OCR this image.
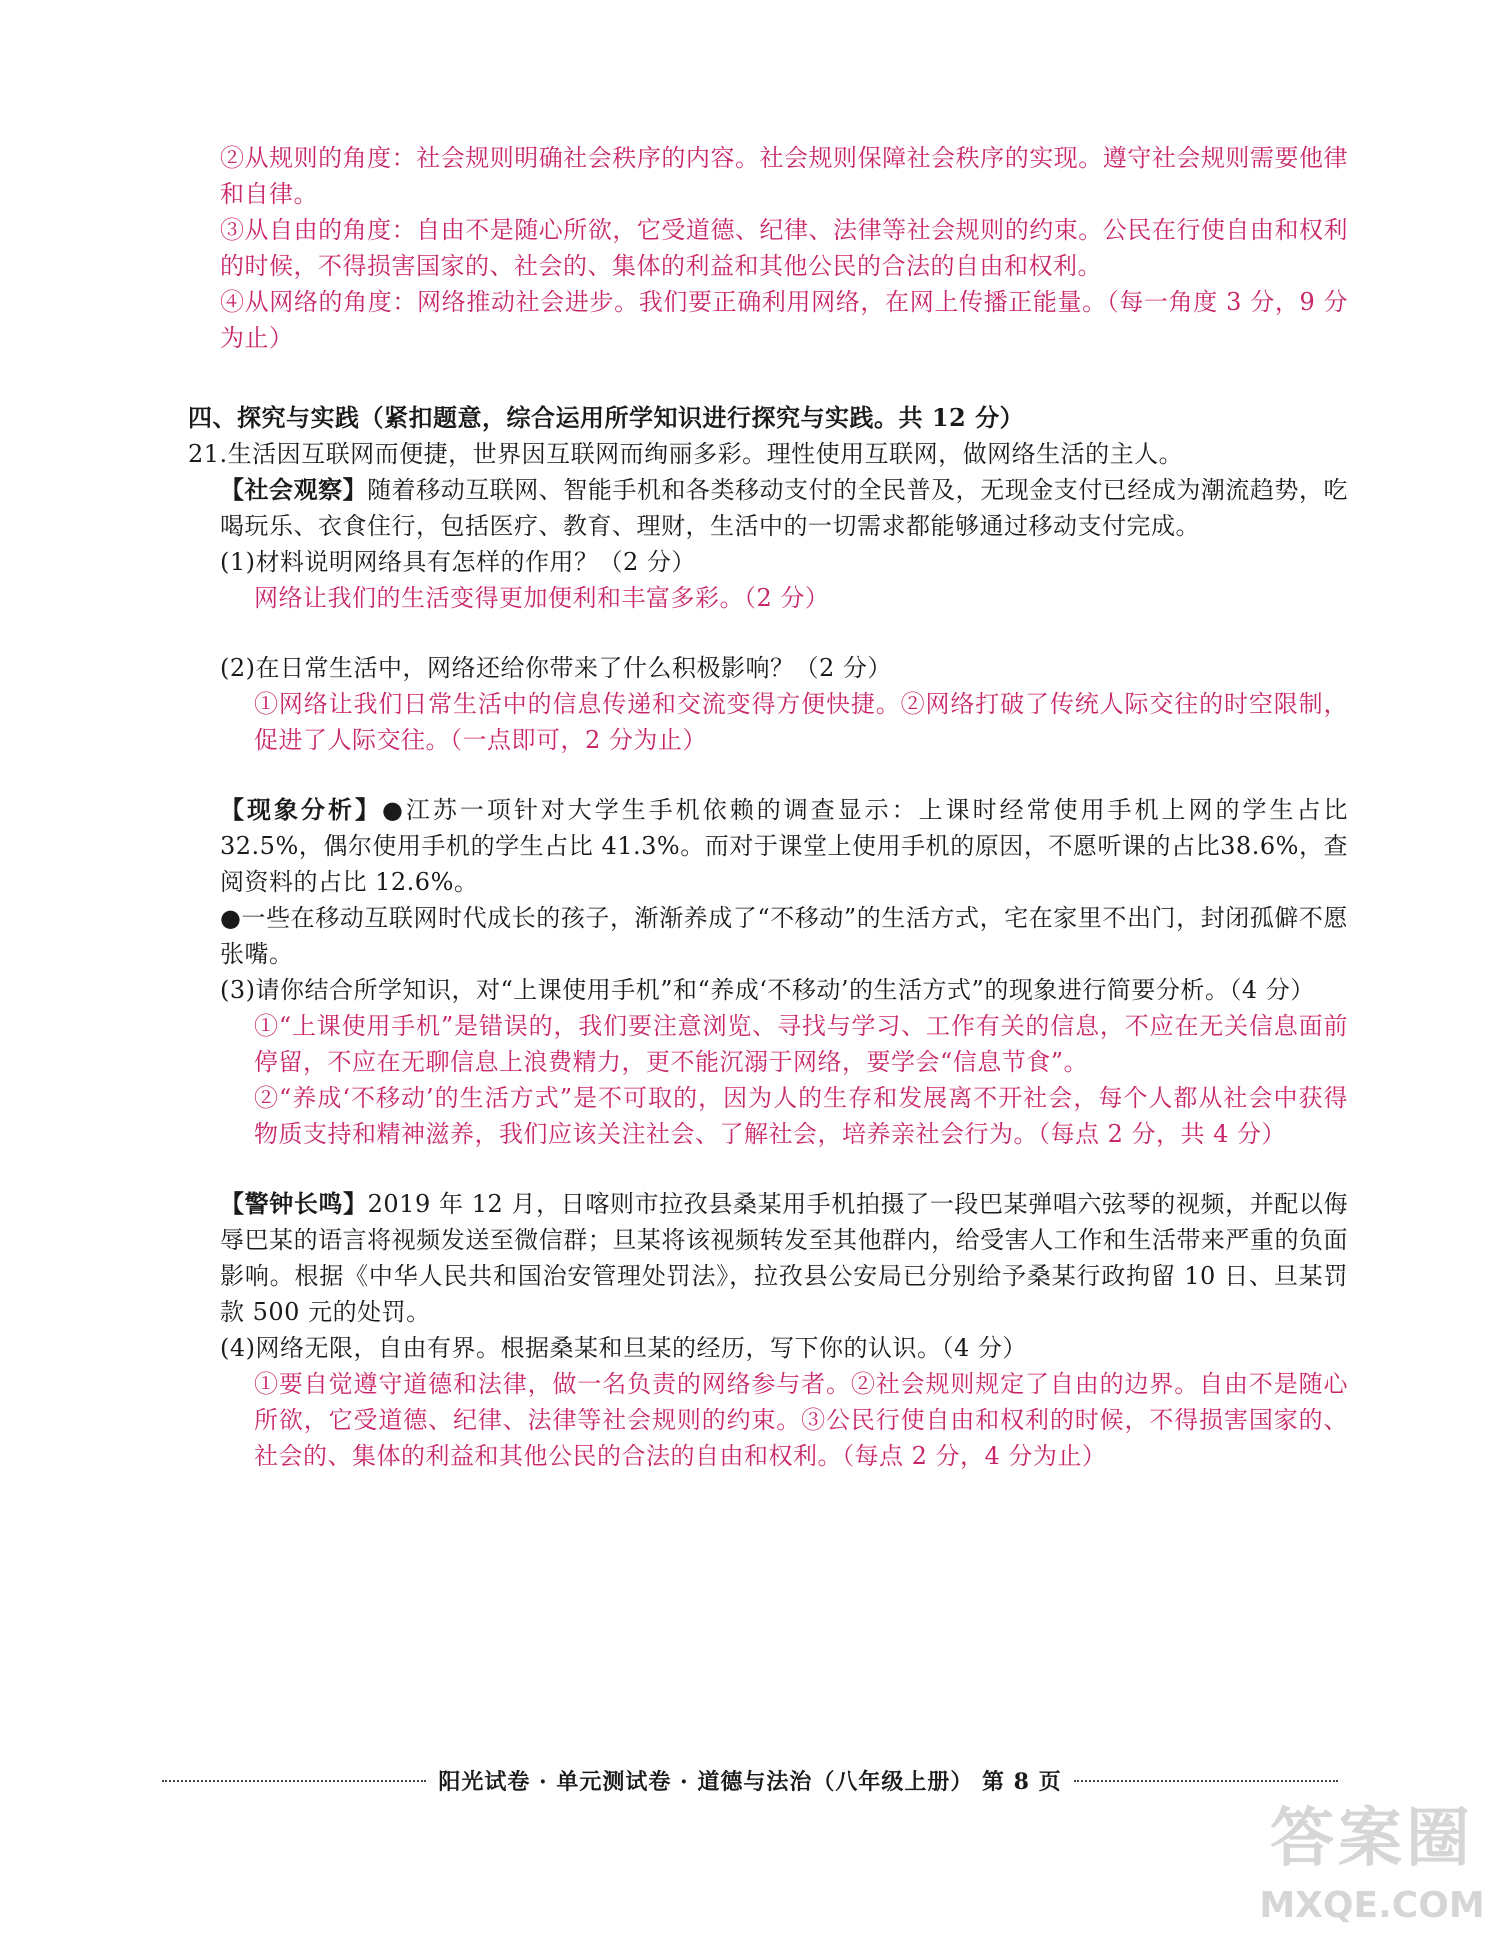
②从规则的角度：社会规则明确社会秩序的内容。社会规则保障社会秩序的实现。遵守社会规则需要他律和自律。

③从自由的角度：自由不是随心所欲，它受道德、纪律、法律等社会规则的约束。公民在行使自由和权利的时候，不得损害国家的、社会的、集体的利益和其他公民的合法的自由和权利。

④从网络的角度：网络推动社会进步。我们要正确利用网络，在网上传播正能量。（每一角度 3 分，9 分为止）

四、探究与实践（紧扣题意，综合运用所学知识进行探究与实践。共 12 分）

21.生活因互联网而便捷，世界因互联网而绚丽多彩。理性使用互联网，做网络生活的主人。

【社会观察】随着移动互联网、智能手机和各类移动支付的全民普及，无现金支付已经成为潮流趋势，吃喝玩乐、衣食住行，包括医疗、教育、理财，生活中的一切需求都能够通过移动支付完成。

(1)材料说明网络具有怎样的作用？（2 分）

网络让我们的生活变得更加便利和丰富多彩。（2 分）

(2)在日常生活中，网络还给你带来了什么积极影响？（2 分）

①网络让我们日常生活中的信息传递和交流变得方便快捷。②网络打破了传统人际交往的时空限制，促进了人际交往。（一点即可，2 分为止）

【现象分析】●江苏一项针对大学生手机依赖的调查显示：上课时经常使用手机上网的学生占比32.5%，偶尔使用手机的学生占比 41.3%。而对于课堂上使用手机的原因，不愿听课的占比38.6%，查阅资料的占比 12.6%。

●一些在移动互联网时代成长的孩子，渐渐养成了“不移动”的生活方式，宅在家里不出门，封闭孤僻不愿张嘴。

(3)请你结合所学知识，对“上课使用手机”和“养成‘不移动’的生活方式”的现象进行简要分析。（4 分）

①“上课使用手机”是错误的，我们要注意浏览、寻找与学习、工作有关的信息，不应在无关信息面前停留，不应在无聊信息上浪费精力，更不能沉溺于网络，要学会“信息节食”。

②“养成‘不移动’的生活方式”是不可取的，因为人的生存和发展离不开社会，每个人都从社会中获得物质支持和精神滋养，我们应该关注社会、了解社会，培养亲社会行为。（每点 2 分，共 4 分）

【警钟长鸣】2019 年 12 月，日喀则市拉孜县桑某用手机拍摄了一段巴某弹唱六弦琴的视频，并配以侮辱巴某的语言将视频发送至微信群；旦某将该视频转发至其他群内，给受害人工作和生活带来严重的负面影响。根据《中华人民共和国治安管理处罚法》，拉孜县公安局已分别给予桑某行政拘留 10 日、旦某罚款 500 元的处罚。

(4)网络无限，自由有界。根据桑某和旦某的经历，写下你的认识。（4 分）

①要自觉遵守道德和法律，做一名负责的网络参与者。②社会规则规定了自由的边界。自由不是随心所欲，它受道德、纪律、法律等社会规则的约束。③公民行使自由和权利的时候，不得损害国家的、社会的、集体的利益和其他公民的合法的自由和权利。（每点 2 分，4 分为止）

阳光试卷 · 单元测试卷 · 道德与法治（八年级上册） 第 8 页
答案圈
MXQE.COM
